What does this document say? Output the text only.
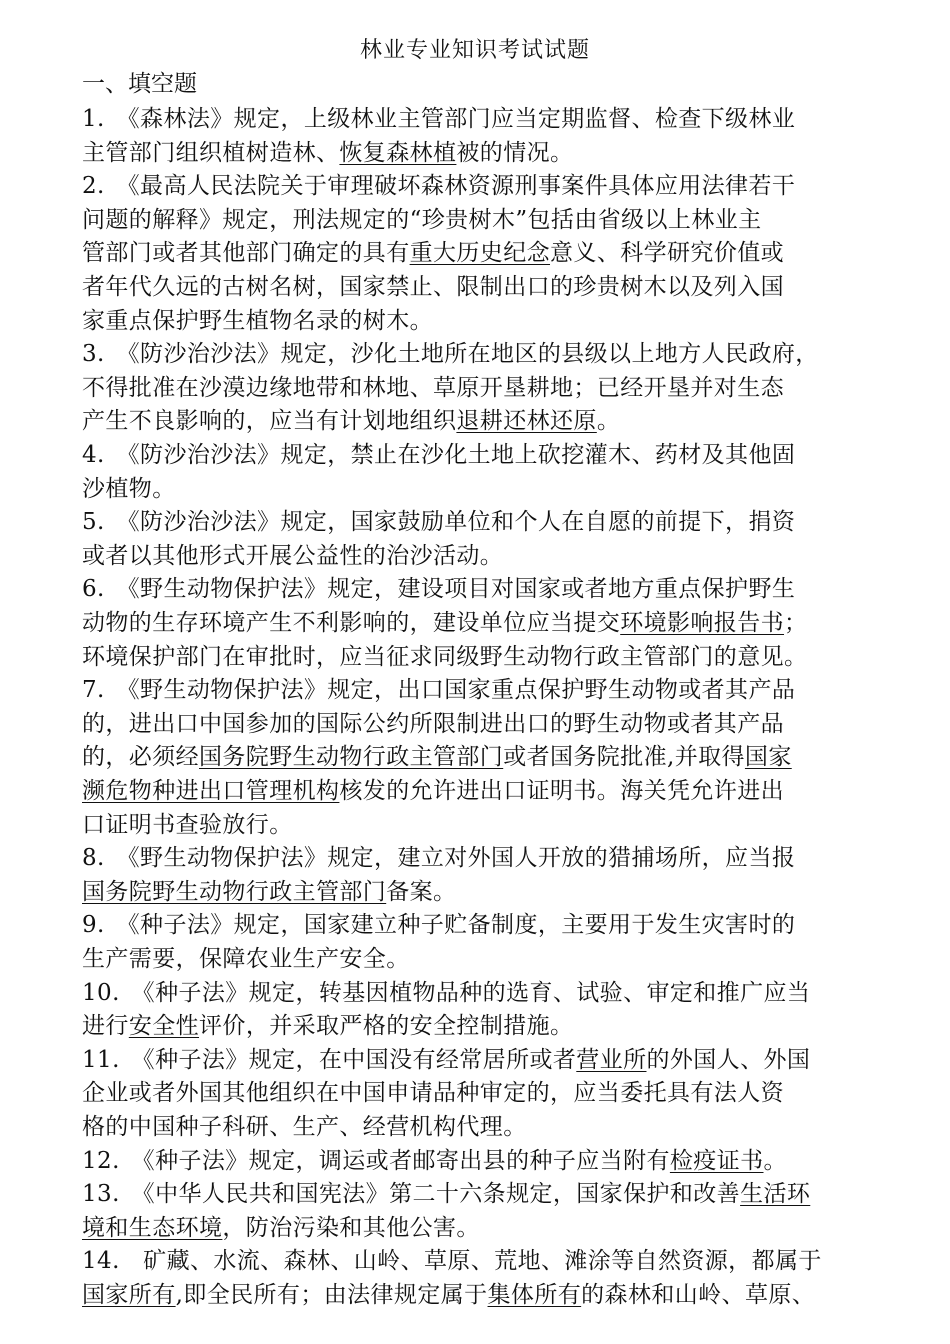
林业专业知识考试试题
一、填空题
1.　《森林法》规定，上级林业主管部门应当定期监督、检查下级林业
主管部门组织植树造林、恢复森林植被的情况。
2.　《最高人民法院关于审理破坏森林资源刑事案件具体应用法律若干
问题的解释》规定，刑法规定的“珍贵树木”包括由省级以上林业主
管部门或者其他部门确定的具有重大历史纪念意义、科学研究价值或
者年代久远的古树名树，国家禁止、限制出口的珍贵树木以及列入国
家重点保护野生植物名录的树木。
3.　《防沙治沙法》规定，沙化土地所在地区的县级以上地方人民政府，
不得批准在沙漠边缘地带和林地、草原开垦耕地；已经开垦并对生态
产生不良影响的，应当有计划地组织退耕还林还原。
4.　《防沙治沙法》规定，禁止在沙化土地上砍挖灌木、药材及其他固
沙植物。
5.　《防沙治沙法》规定，国家鼓励单位和个人在自愿的前提下，捐资
或者以其他形式开展公益性的治沙活动。
6.　《野生动物保护法》规定，建设项目对国家或者地方重点保护野生
动物的生存环境产生不利影响的，建设单位应当提交环境影响报告书；
环境保护部门在审批时，应当征求同级野生动物行政主管部门的意见。
7.　《野生动物保护法》规定，出口国家重点保护野生动物或者其产品
的，进出口中国参加的国际公约所限制进出口的野生动物或者其产品
的，必须经国务院野生动物行政主管部门或者国务院批准,并取得国家
濒危物种进出口管理机构核发的允许进出口证明书。海关凭允许进出
口证明书查验放行。
8.　《野生动物保护法》规定，建立对外国人开放的猎捕场所，应当报
国务院野生动物行政主管部门备案。
9.　《种子法》规定，国家建立种子贮备制度，主要用于发生灾害时的
生产需要，保障农业生产安全。
10.　《种子法》规定，转基因植物品种的选育、试验、审定和推广应当
进行安全性评价，并采取严格的安全控制措施。
11.　《种子法》规定，在中国没有经常居所或者营业所的外国人、外国
企业或者外国其他组织在中国申请品种审定的，应当委托具有法人资
格的中国种子科研、生产、经营机构代理。
12.　《种子法》规定，调运或者邮寄出县的种子应当附有检疫证书。
13.　《中华人民共和国宪法》第二十六条规定，国家保护和改善生活环
境和生态环境，防治污染和其他公害。
14.　矿藏、水流、森林、山岭、草原、荒地、滩涂等自然资源，都属于
国家所有,即全民所有；由法律规定属于集体所有的森林和山岭、草原、
